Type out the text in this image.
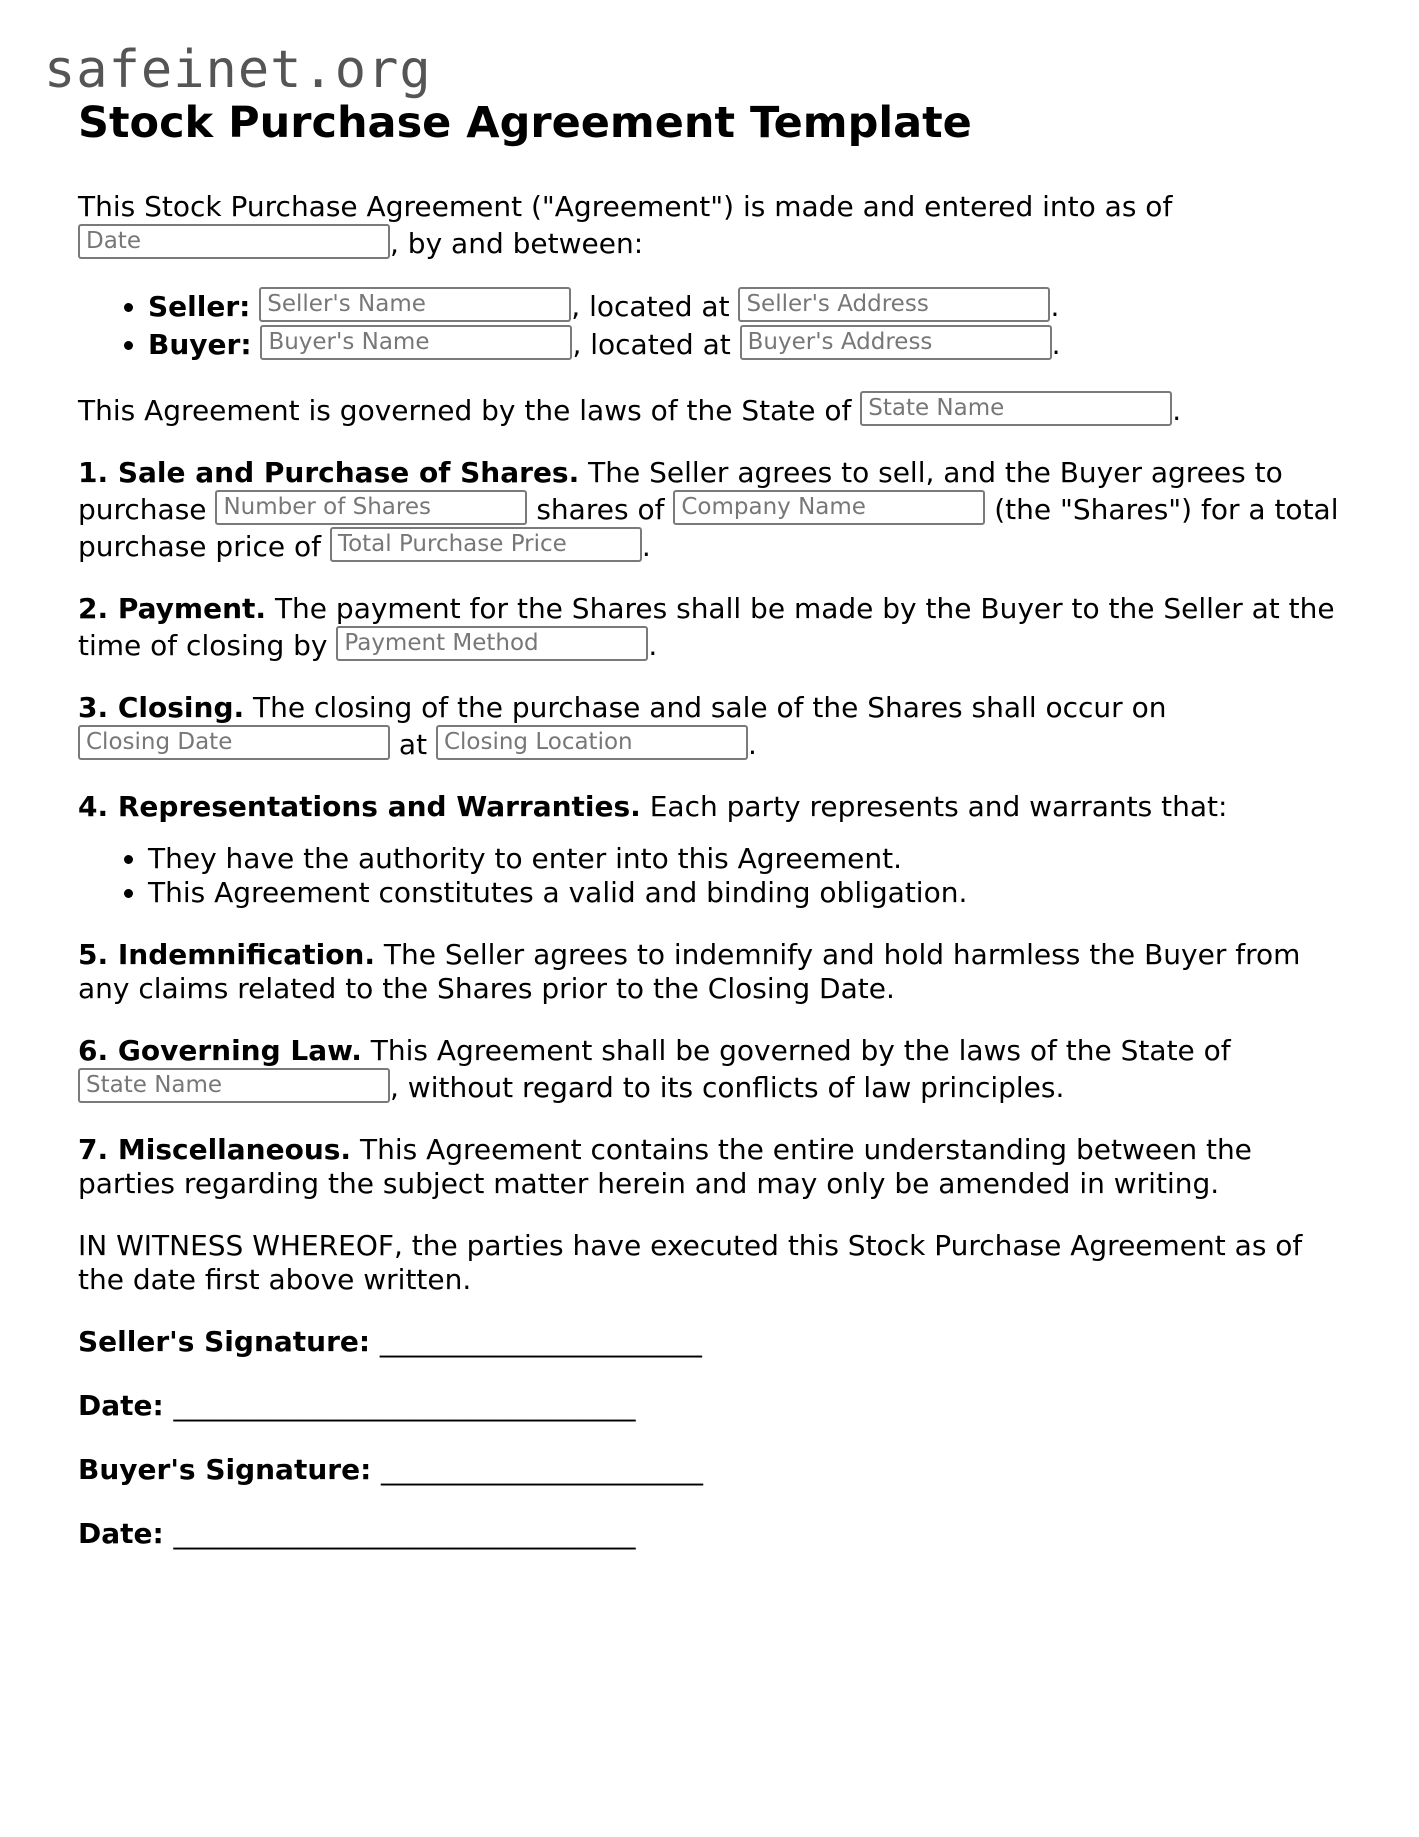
safeinet.org
Stock Purchase Agreement Template

This Stock Purchase Agreement ("Agreement") is made and entered into as of
Date	, by and between:

• Seller: Seller's Name	, located at Seller's Address	.
• Buyer: Buyer's Name	, located at Buyer's Address	.

This Agreement is governed by the laws of the State of State Name	.

1. Sale and Purchase of Shares. The Seller agrees to sell, and the Buyer agrees to purchase Number of Shares	shares of Company Name	(the "Shares") for a total purchase price of Total Purchase Price	.

2. Payment. The payment for the Shares shall be made by the Buyer to the Seller at the time of closing by Payment Method	.

3. Closing. The closing of the purchase and sale of the Shares shall occur on
Closing Date	at Closing Location	.

4. Representations and Warranties. Each party represents and warrants that:

• They have the authority to enter into this Agreement.
• This Agreement constitutes a valid and binding obligation.

5. Indemnification. The Seller agrees to indemnify and hold harmless the Buyer from any claims related to the Shares prior to the Closing Date.

6. Governing Law. This Agreement shall be governed by the laws of the State of
State Name	, without regard to its conflicts of law principles.

7. Miscellaneous. This Agreement contains the entire understanding between the parties regarding the subject matter herein and may only be amended in writing.

IN WITNESS WHEREOF, the parties have executed this Stock Purchase Agreement as of the date first above written.

Seller's Signature: _______________________
Date: _________________________________
Buyer's Signature: _______________________
Date: _________________________________
